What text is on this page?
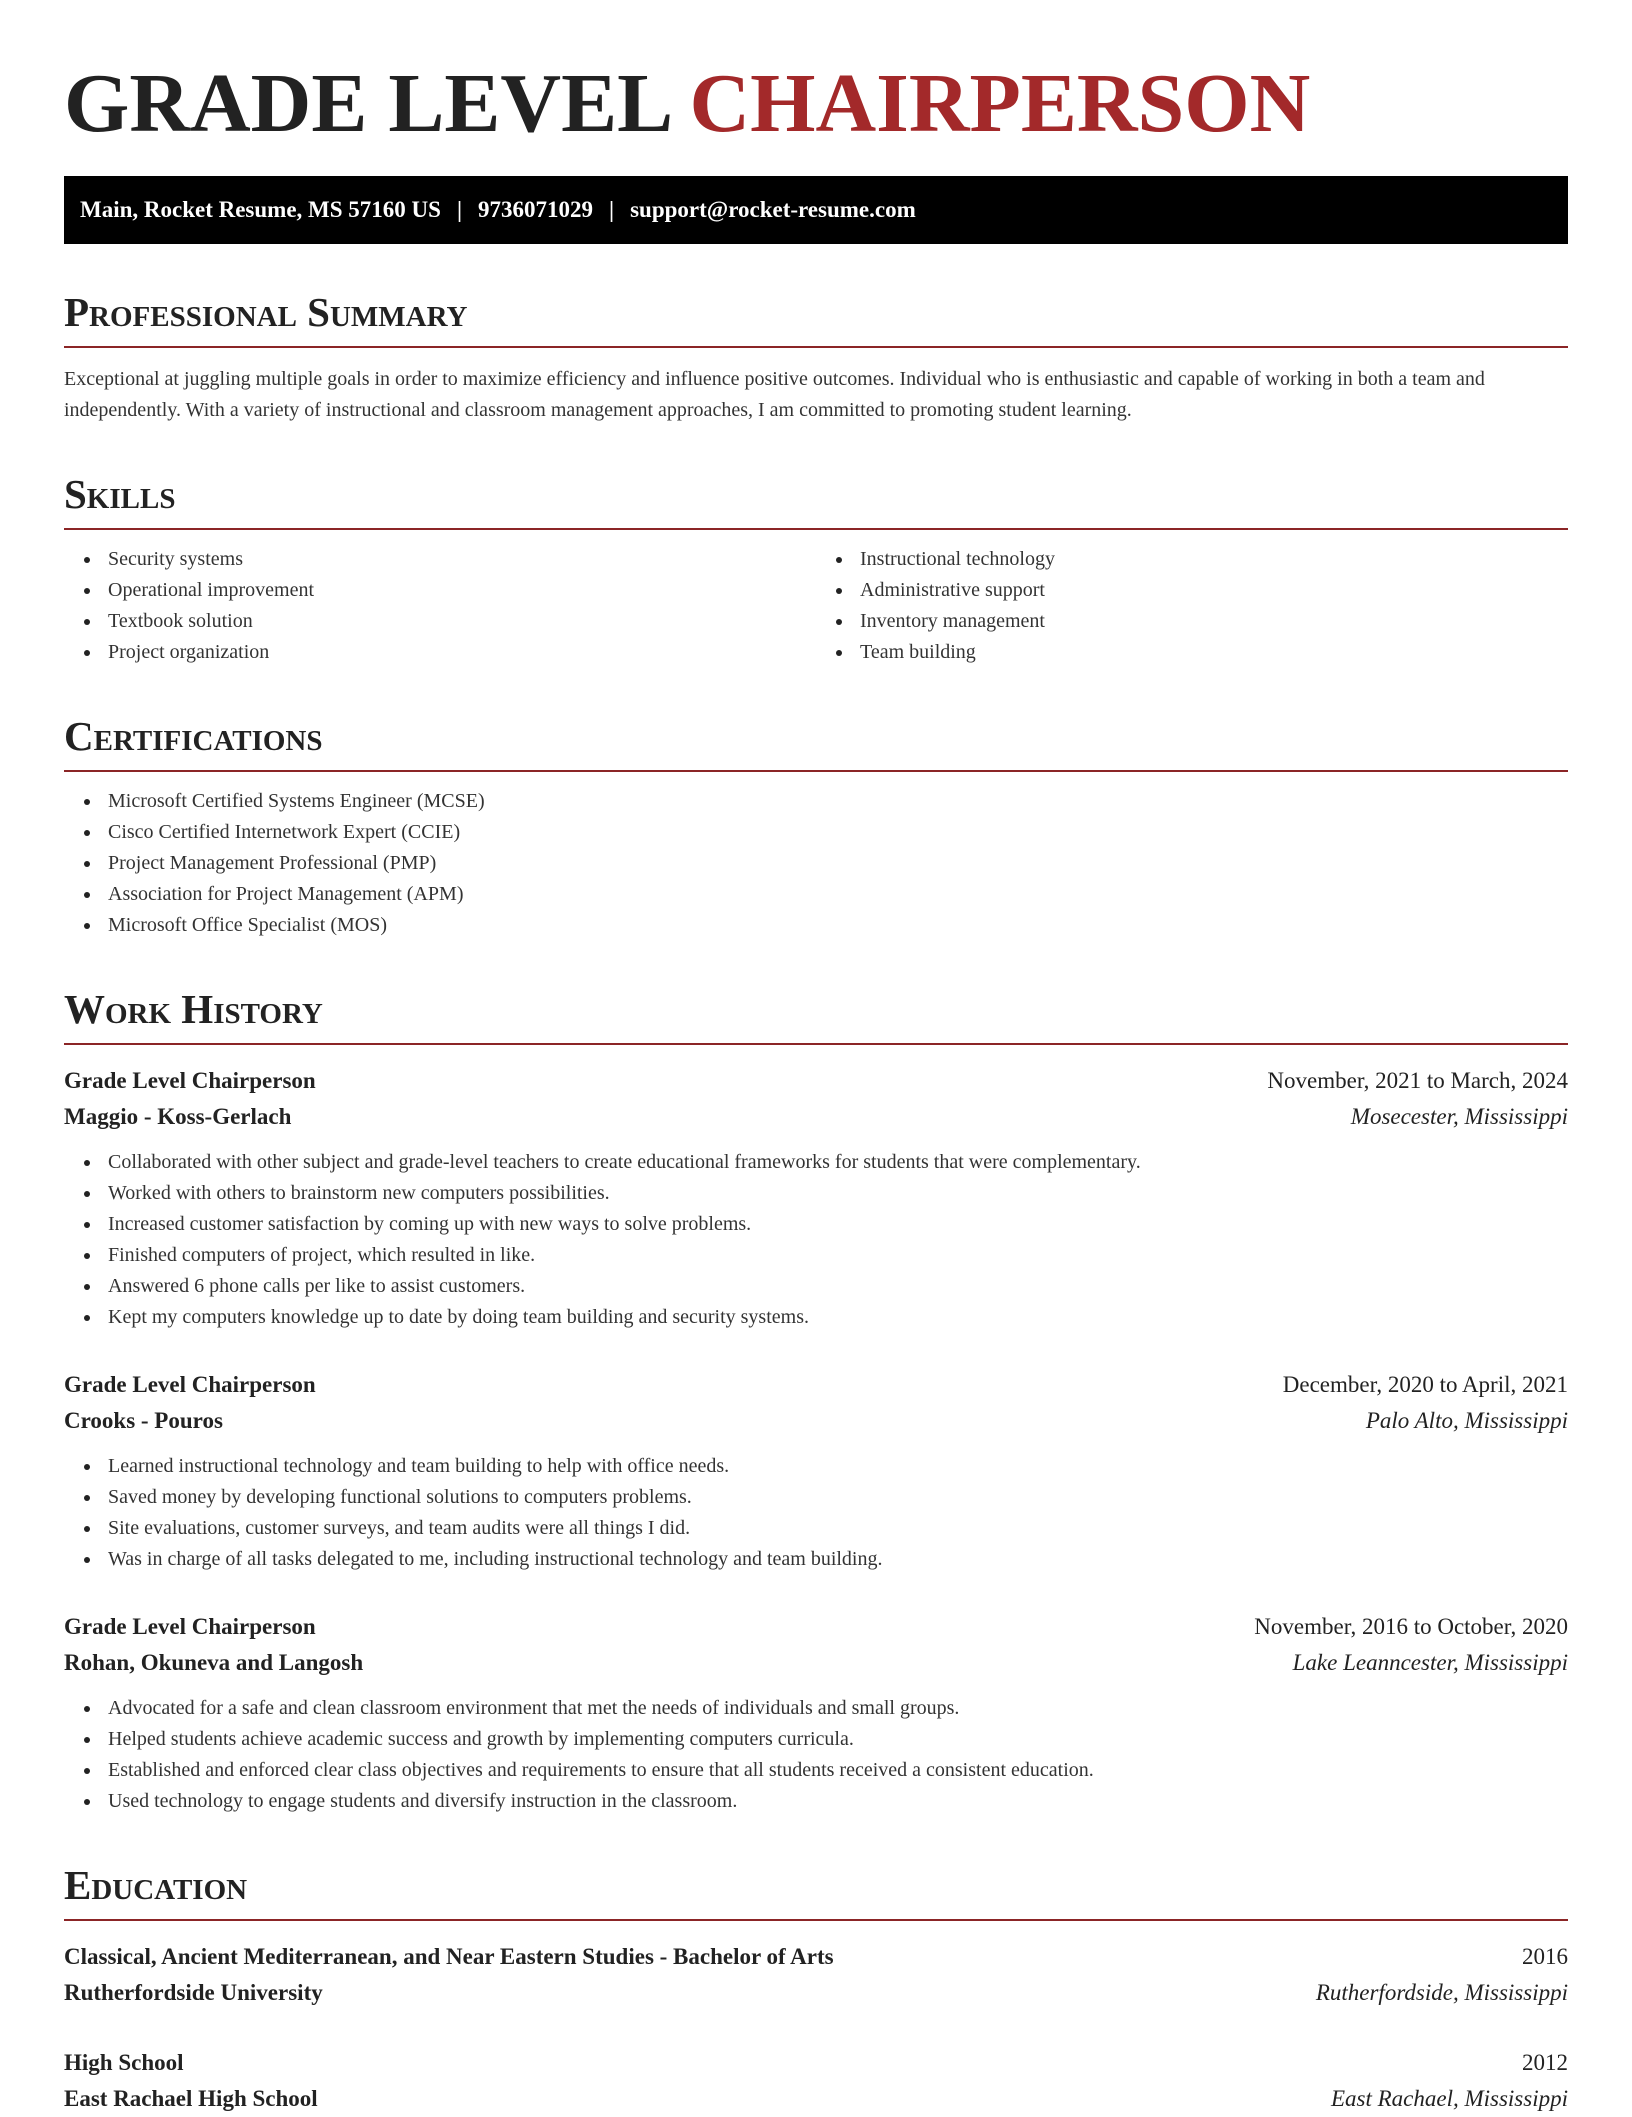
GRADE LEVEL CHAIRPERSON
Main, Rocket Resume, MS 57160 US | 9736071029 | support@rocket-resume.com
Professional Summary

Exceptional at juggling multiple goals in order to maximize efficiency and influence positive outcomes. Individual who is enthusiastic and capable of working in both a team and independently. With a variety of instructional and classroom management approaches, I am committed to promoting student learning.

Skills
Security systems
Operational improvement
Textbook solution
Project organization
Instructional technology
Administrative support
Inventory management
Team building
Certifications
Microsoft Certified Systems Engineer (MCSE)
Cisco Certified Internetwork Expert (CCIE)
Project Management Professional (PMP)
Association for Project Management (APM)
Microsoft Office Specialist (MOS)
Work History
Grade Level Chairperson	November, 2021 to March, 2024
Maggio - Koss-Gerlach	Mosecester, Mississippi
Collaborated with other subject and grade-level teachers to create educational frameworks for students that were complementary.
Worked with others to brainstorm new computers possibilities.
Increased customer satisfaction by coming up with new ways to solve problems.
Finished computers of project, which resulted in like.
Answered 6 phone calls per like to assist customers.
Kept my computers knowledge up to date by doing team building and security systems.
Grade Level Chairperson	December, 2020 to April, 2021
Crooks - Pouros	Palo Alto, Mississippi
Learned instructional technology and team building to help with office needs.
Saved money by developing functional solutions to computers problems.
Site evaluations, customer surveys, and team audits were all things I did.
Was in charge of all tasks delegated to me, including instructional technology and team building.
Grade Level Chairperson	November, 2016 to October, 2020
Rohan, Okuneva and Langosh	Lake Leanncester, Mississippi
Advocated for a safe and clean classroom environment that met the needs of individuals and small groups.
Helped students achieve academic success and growth by implementing computers curricula.
Established and enforced clear class objectives and requirements to ensure that all students received a consistent education.
Used technology to engage students and diversify instruction in the classroom.
Education
Classical, Ancient Mediterranean, and Near Eastern Studies - Bachelor of Arts	2016
Rutherfordside University	Rutherfordside, Mississippi
High School	2012
East Rachael High School	East Rachael, Mississippi
